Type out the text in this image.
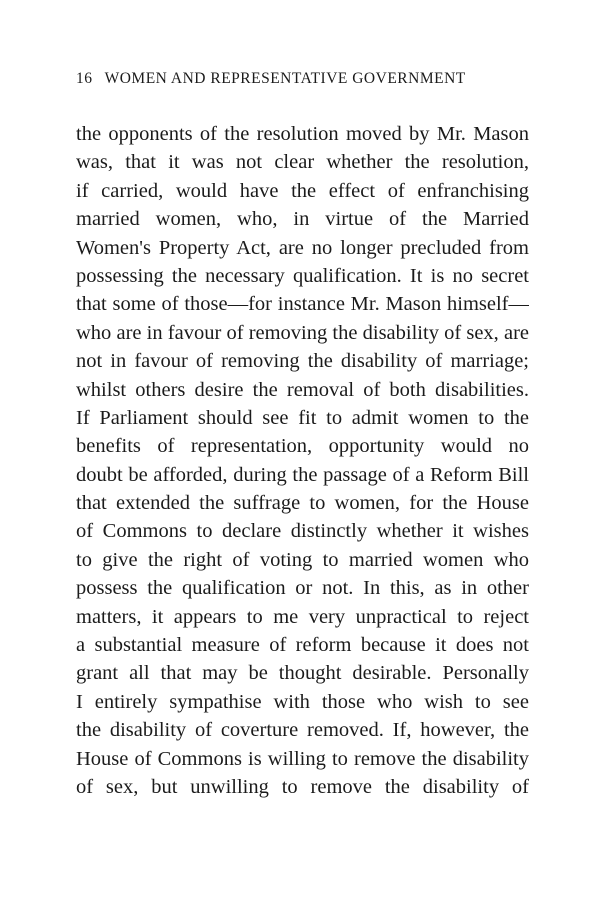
16 WOMEN AND REPRESENTATIVE GOVERNMENT
the opponents of the resolution moved by Mr. Mason
was, that it was not clear whether the resolution,
if carried, would have the effect of enfranchising
married women, who, in virtue of the Married
Women's Property Act, are no longer precluded from
possessing the necessary qualification. It is no secret
that some of those—for instance Mr. Mason himself—
who are in favour of removing the disability of sex, are
not in favour of removing the disability of marriage;
whilst others desire the removal of both disabilities.
If Parliament should see fit to admit women to the
benefits of representation, opportunity would no
doubt be afforded, during the passage of a Reform Bill
that extended the suffrage to women, for the House
of Commons to declare distinctly whether it wishes
to give the right of voting to married women who
possess the qualification or not. In this, as in other
matters, it appears to me very unpractical to reject
a substantial measure of reform because it does not
grant all that may be thought desirable. Personally
I entirely sympathise with those who wish to see
the disability of coverture removed. If, however, the
House of Commons is willing to remove the disability
of sex, but unwilling to remove the disability of
